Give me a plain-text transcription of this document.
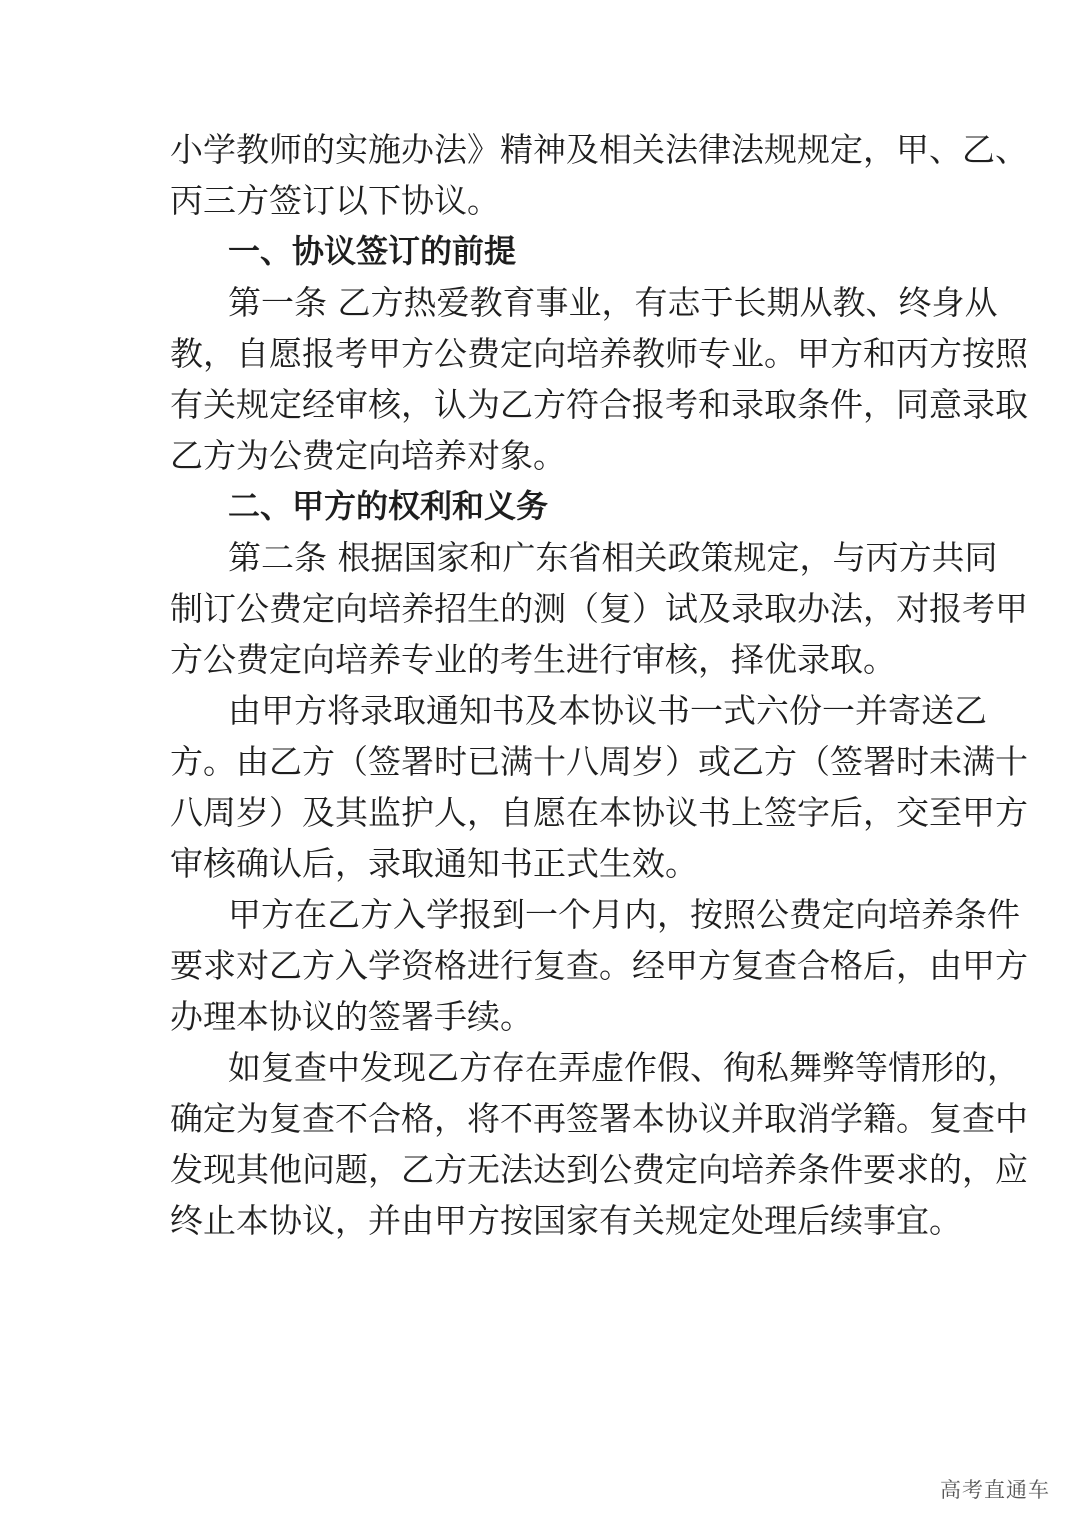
小学教师的实施办法》精神及相关法律法规规定，甲、乙、
丙三方签订以下协议。
一、协议签订的前提
第一条 乙方热爱教育事业，有志于长期从教、终身从
教，自愿报考甲方公费定向培养教师专业。甲方和丙方按照
有关规定经审核，认为乙方符合报考和录取条件，同意录取
乙方为公费定向培养对象。
二、甲方的权利和义务
第二条 根据国家和广东省相关政策规定，与丙方共同
制订公费定向培养招生的测（复）试及录取办法，对报考甲
方公费定向培养专业的考生进行审核，择优录取。
由甲方将录取通知书及本协议书一式六份一并寄送乙
方。由乙方（签署时已满十八周岁）或乙方（签署时未满十
八周岁）及其监护人，自愿在本协议书上签字后，交至甲方
审核确认后，录取通知书正式生效。
甲方在乙方入学报到一个月内，按照公费定向培养条件
要求对乙方入学资格进行复查。经甲方复查合格后，由甲方
办理本协议的签署手续。
如复查中发现乙方存在弄虚作假、徇私舞弊等情形的，
确定为复查不合格，将不再签署本协议并取消学籍。复查中
发现其他问题，乙方无法达到公费定向培养条件要求的，应
终止本协议，并由甲方按国家有关规定处理后续事宜。
高考直通车
